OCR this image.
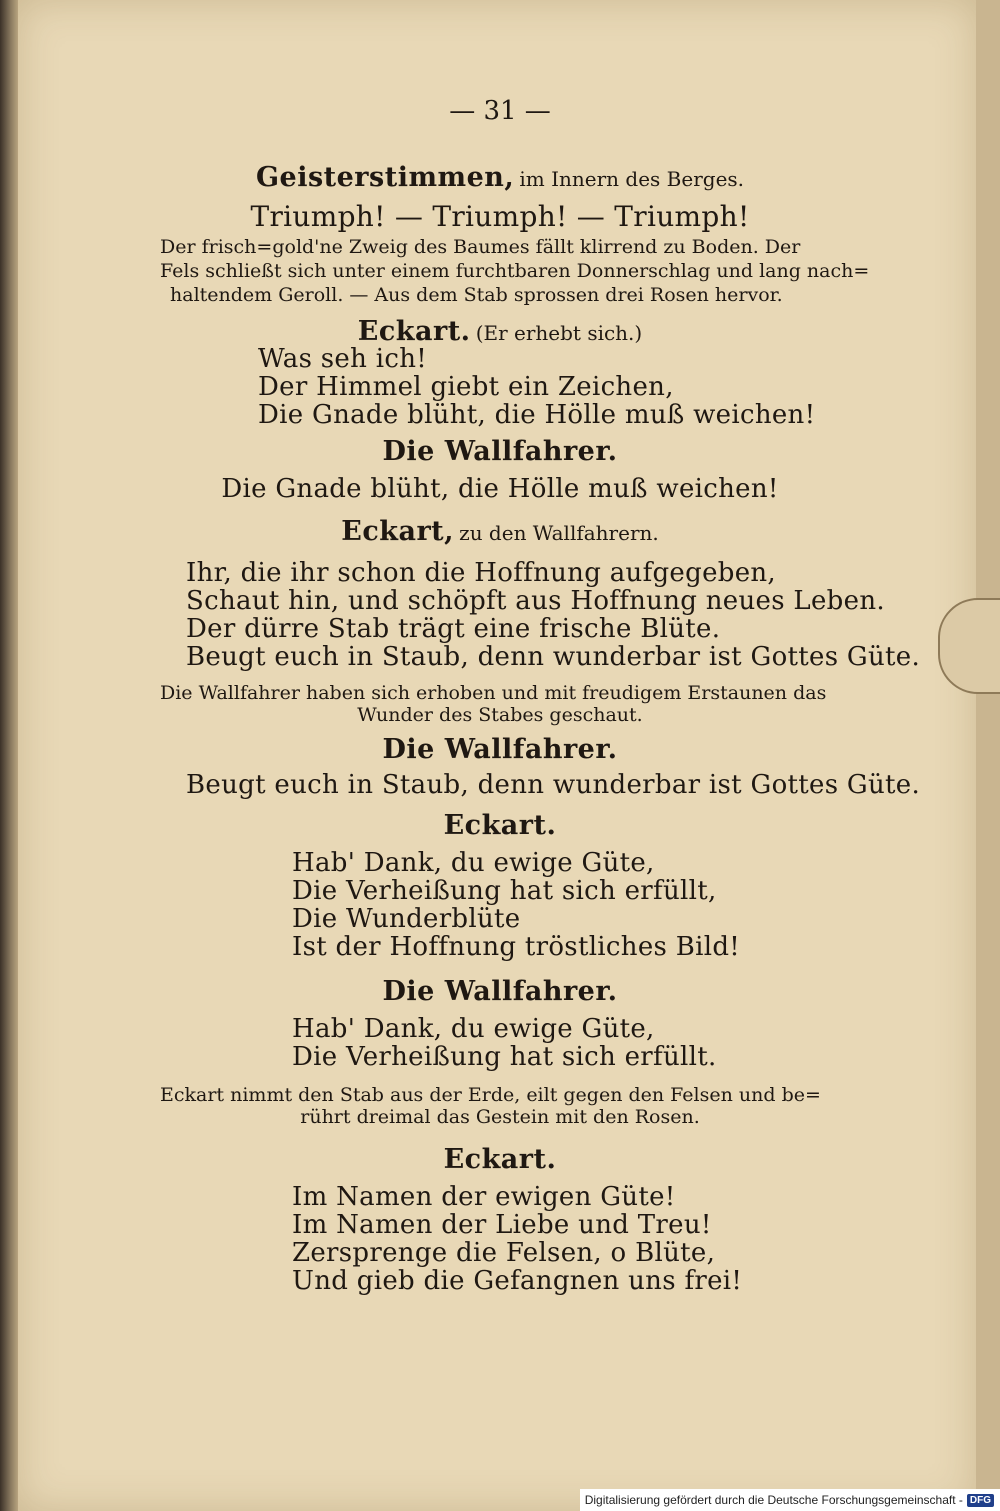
— 31 —
Geisterstimmen, im Innern des Berges.
Triumph! — Triumph! — Triumph!
Der frisch=gold'ne Zweig des Baumes fällt klirrend zu Boden. Der
Fels schließt sich unter einem furchtbaren Donnerschlag und lang nach=
haltendem Geroll. — Aus dem Stab sprossen drei Rosen hervor.
Eckart. (Er erhebt sich.)
Was seh ich!
Der Himmel giebt ein Zeichen,
Die Gnade blüht, die Hölle muß weichen!
Die Wallfahrer.
Die Gnade blüht, die Hölle muß weichen!
Eckart, zu den Wallfahrern.
Ihr, die ihr schon die Hoffnung aufgegeben,
Schaut hin, und schöpft aus Hoffnung neues Leben.
Der dürre Stab trägt eine frische Blüte.
Beugt euch in Staub, denn wunderbar ist Gottes Güte.
Die Wallfahrer haben sich erhoben und mit freudigem Erstaunen das
Wunder des Stabes geschaut.
Die Wallfahrer.
Beugt euch in Staub, denn wunderbar ist Gottes Güte.
Eckart.
Hab' Dank, du ewige Güte,
Die Verheißung hat sich erfüllt,
Die Wunderblüte
Ist der Hoffnung tröstliches Bild!
Die Wallfahrer.
Hab' Dank, du ewige Güte,
Die Verheißung hat sich erfüllt.
Eckart nimmt den Stab aus der Erde, eilt gegen den Felsen und be=
rührt dreimal das Gestein mit den Rosen.
Eckart.
Im Namen der ewigen Güte!
Im Namen der Liebe und Treu!
Zersprenge die Felsen, o Blüte,
Und gieb die Gefangnen uns frei!
Digitalisierung gefördert durch die Deutsche Forschungsgemeinschaft - DFG
